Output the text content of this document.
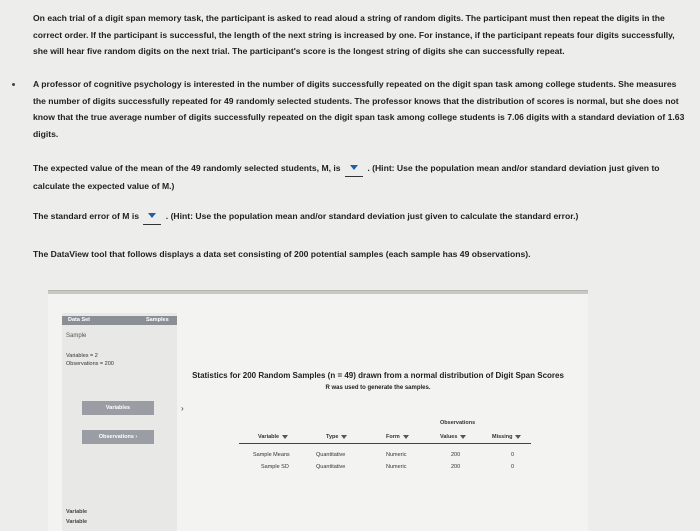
On each trial of a digit span memory task, the participant is asked to read aloud a string of random digits. The participant must then repeat the digits in the correct order. If the participant is successful, the length of the next string is increased by one. For instance, if the participant repeats four digits successfully, she will hear five random digits on the next trial. The participant's score is the longest string of digits she can successfully repeat.
A professor of cognitive psychology is interested in the number of digits successfully repeated on the digit span task among college students. She measures the number of digits successfully repeated for 49 randomly selected students. The professor knows that the distribution of scores is normal, but she does not know that the true average number of digits successfully repeated on the digit span task among college students is 7.06 digits with a standard deviation of 1.63 digits.
The expected value of the mean of the 49 randomly selected students, M, is	. (Hint: Use the population mean and/or standard deviation just given to calculate the expected value of M.)
The standard error of M is	. (Hint: Use the population mean and/or standard deviation just given to calculate the standard error.)
The DataView tool that follows displays a data set consisting of 200 potential samples (each sample has 49 observations).
Data Set	Samples
Sample
Variables = 2
Observations = 200
Variables	›
Observations ›
Variable
Variable
Statistics for 200 Random Samples (n = 49) drawn from a normal distribution of Digit Span Scores
R was used to generate the samples.
Observations
Variable	Type	Form	Values	Missing
Sample Means	Quantitative	Numeric	200	0
Sample SD	Quantitative	Numeric	200	0
